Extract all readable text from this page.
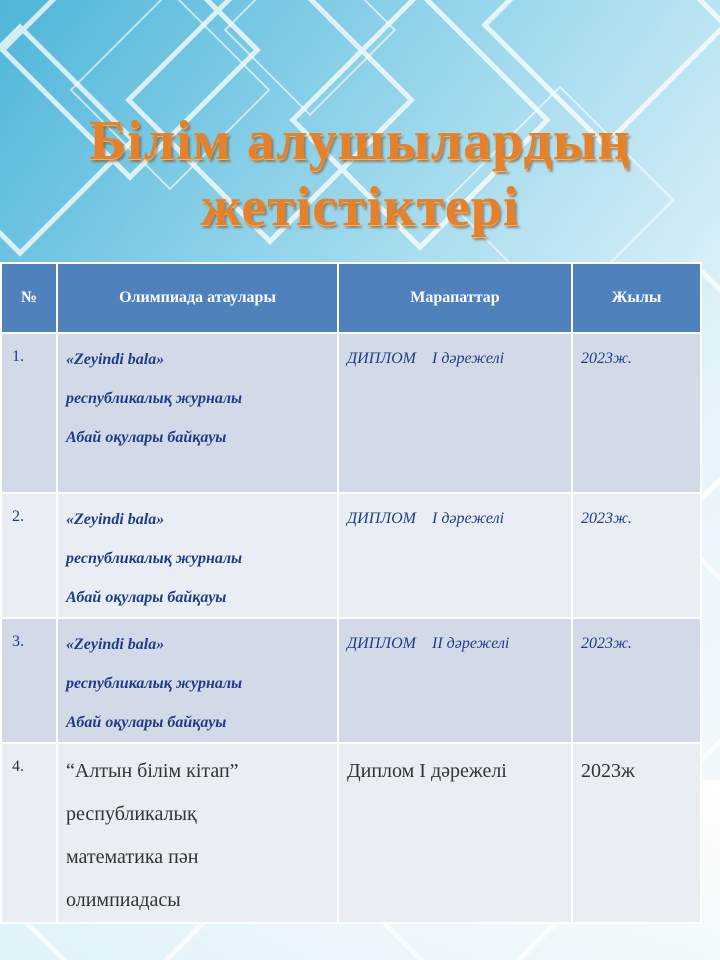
Білім алушылардың
жетістіктері
№	Олимпиада атаулары	Марапаттар	Жылы
1.	«Zeyindi bala»
республикалық журналы
Абай оқулары байқауы	ДИПЛОМ    І дәрежелі	2023ж.
2.	«Zeyindi bala»
республикалық журналы
Абай оқулары байқауы	ДИПЛОМ    І дәрежелі	2023ж.
3.	«Zeyindi bala»
республикалық журналы
Абай оқулары байқауы	ДИПЛОМ    ІІ дәрежелі	2023ж.
4.	“Алтын білім кітап”
республикалық
математика пән
олимпиадасы	Диплом І дәрежелі	2023ж
